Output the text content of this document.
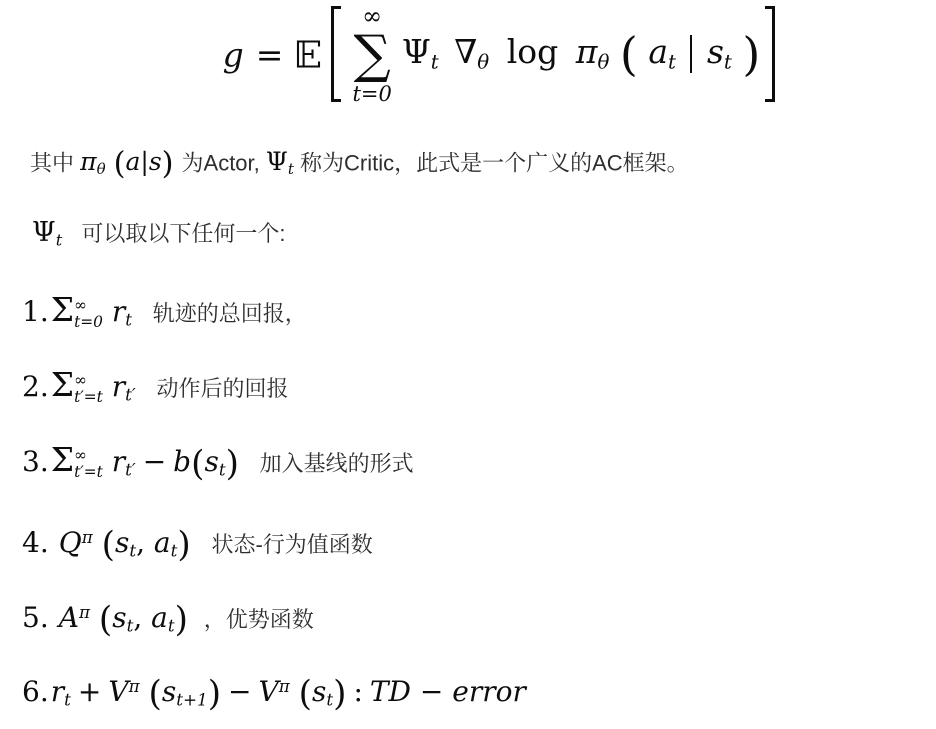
g =
∞
∑
t=0
$\Psi_t$ $\nabla_\theta$ $\log \pi_\theta$ ( $a_t$ $s_t$ )
其中 $\pi_\theta$ (a|s) 为Actor, $\Psi_t$ 称为Critic，此式是一个广义的AC框架。
$\Psi_t$ 可以取以下任何一个:
1.Σ ∞
t=0 $r_t$ 轨迹的总回报，
2.Σ ∞
t′=t $r_{t'}$ 动作后的回报
3.Σ ∞
t′=t $r_{t'} - b(s_t)$ 加入基线的形式
4. $Q^\pi$ ($s_t$, $a_t$) 状态-行为值函数
5. $A^\pi$ ($s_t$, $a_t$) ，优势函数
$6.r_t + V^\pi$ $(s_{t+1}) - V^\pi$ $(s_t)$ : TD − error
